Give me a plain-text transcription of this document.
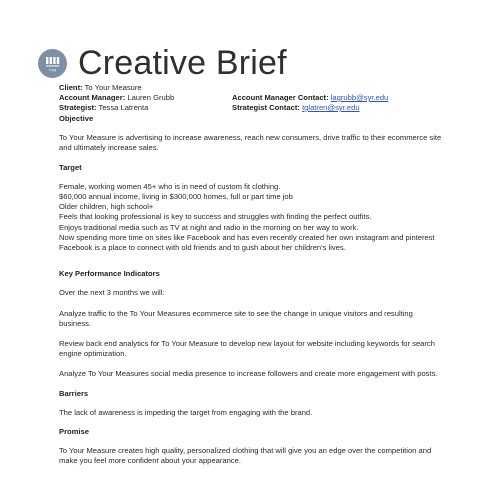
TYM Creative Brief
Client: To Your Measure
Account Manager: Lauren Grubb	Account Manager Contact: lagrubb@syr.edu
Strategist: Tessa Latrenta	Strategist Contact: tglatren@syr.edu

Objective

To Your Measure is advertising to increase awareness, reach new consumers, drive traffic to their ecommerce site and ultimately increase sales.

Target

Female, working women 45+ who is in need of custom fit clothing.

$60,000 annual income, living in $300,000 homes, full or part time job

Older children, high school+

Feels that looking professional is key to success and struggles with finding the perfect outfits.

Enjoys traditional media such as TV at night and radio in the morning on her way to work.

Now spending more time on sites like Facebook and has even recently created her own instagram and pinterest

Facebook is a place to connect with old friends and to gush about her children's lives.

Key Performance Indicators

Over the next 3 months we will:

Analyze traffic to the To Your Measures ecommerce site to see the change in unique visitors and resulting business.

Review back end analytics for To Your Measure to develop new layout for website including keywords for search engine optimization.

Analyze To Your Measures social media presence to increase followers and create more engagement with posts.

Barriers

The lack of awareness is impeding the target from engaging with the brand.

Promise

To Your Measure creates high quality, personalized clothing that will give you an edge over the competition and make you feel more confident about your appearance.
